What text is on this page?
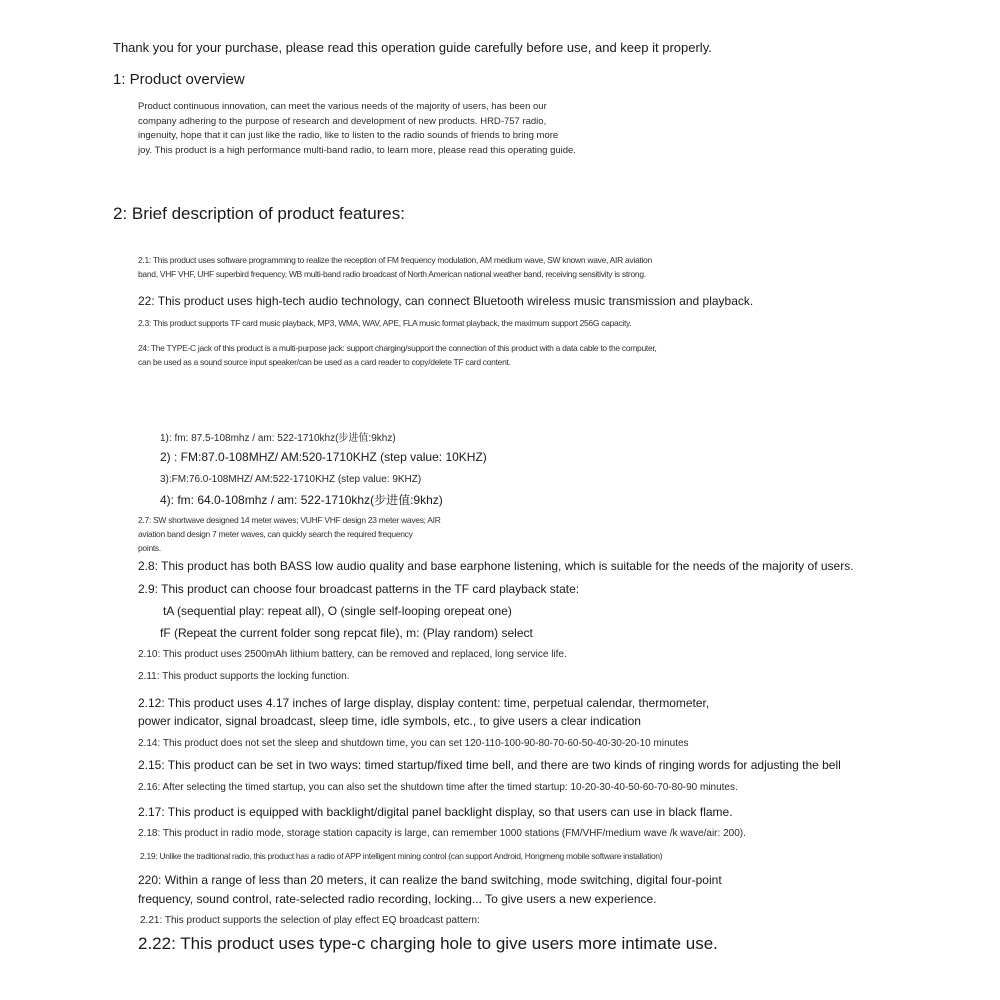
Thank you for your purchase, please read this operation guide carefully before use, and keep it properly.
1: Product overview
Product continuous innovation, can meet the various needs of the majority of users, has been our
company adhering to the purpose of research and development of new products. HRD-757 radio,
ingenuity, hope that it can just like the radio, like to listen to the radio sounds of friends to bring more
joy. This product is a high performance multi-band radio, to learn more, please read this operating guide.
2: Brief description of product features:
2.1: This product uses software programming to realize the reception of FM frequency modulation, AM medium wave, SW known wave, AIR aviation
band, VHF VHF, UHF superbird frequency, WB multi-band radio broadcast of North American national weather band, receiving sensitivity is strong.
22: This product uses high-tech audio technology, can connect Bluetooth wireless music transmission and playback.
2.3: This product supports TF card music playback, MP3, WMA, WAV, APE, FLA music format playback, the maximum support 256G capacity.
24: The TYPE-C jack of this product is a multi-purpose jack: support charging/support the connection of this product with a data cable to the computer,
can be used as a sound source input speaker/can be used as a card reader to copy/delete TF card content.
1): fm: 87.5-108mhz / am: 522-1710khz(步进值:9khz)
2) : FM:87.0-108MHZ/ AM:520-1710KHZ (step value: 10KHZ)
3):FM:76.0-108MHZ/ AM:522-1710KHZ (step value: 9KHZ)
4): fm: 64.0-108mhz / am: 522-1710khz(步进值:9khz)
2.7: SW shortwave designed 14 meter waves; VUHF VHF design 23 meter waves; AIR
aviation band design 7 meter waves, can quickly search the required frequency
points.
2.8: This product has both BASS low audio quality and base earphone listening, which is suitable for the needs of the majority of users.
2.9: This product can choose four broadcast patterns in the TF card playback state:
tA (sequential play: repeat all), O (single self-looping orepeat one)
fF (Repeat the current folder song repcat file), m: (Play random) select
2.10: This product uses 2500mAh lithium battery, can be removed and replaced, long service life.
2.11: This product supports the locking function.
2.12: This product uses 4.17 inches of large display, display content: time, perpetual calendar, thermometer,
power indicator, signal broadcast, sleep time, idle symbols, etc., to give users a clear indication
2.14: This product does not set the sleep and shutdown time, you can set 120-110-100-90-80-70-60-50-40-30-20-10 minutes
2.15: This product can be set in two ways: timed startup/fixed time bell, and there are two kinds of ringing words for adjusting the bell
2.16: After selecting the timed startup, you can also set the shutdown time after the timed startup: 10-20-30-40-50-60-70-80-90 minutes.
2.17: This product is equipped with backlight/digital panel backlight display, so that users can use in black flame.
2.18: This product in radio mode, storage station capacity is large, can remember 1000 stations (FM/VHF/medium wave /k wave/air: 200).
2.19: Unlike the traditional radio, this product has a radio of APP intelligent mining control (can support Android, Hongmeng mobile software installation)
220: Within a range of less than 20 meters, it can realize the band switching, mode switching, digital four-point
frequency, sound control, rate-selected radio recording, locking... To give users a new experience.
2.21: This product supports the selection of play effect EQ broadcast pattern:
2.22: This product uses type-c charging hole to give users more intimate use.
